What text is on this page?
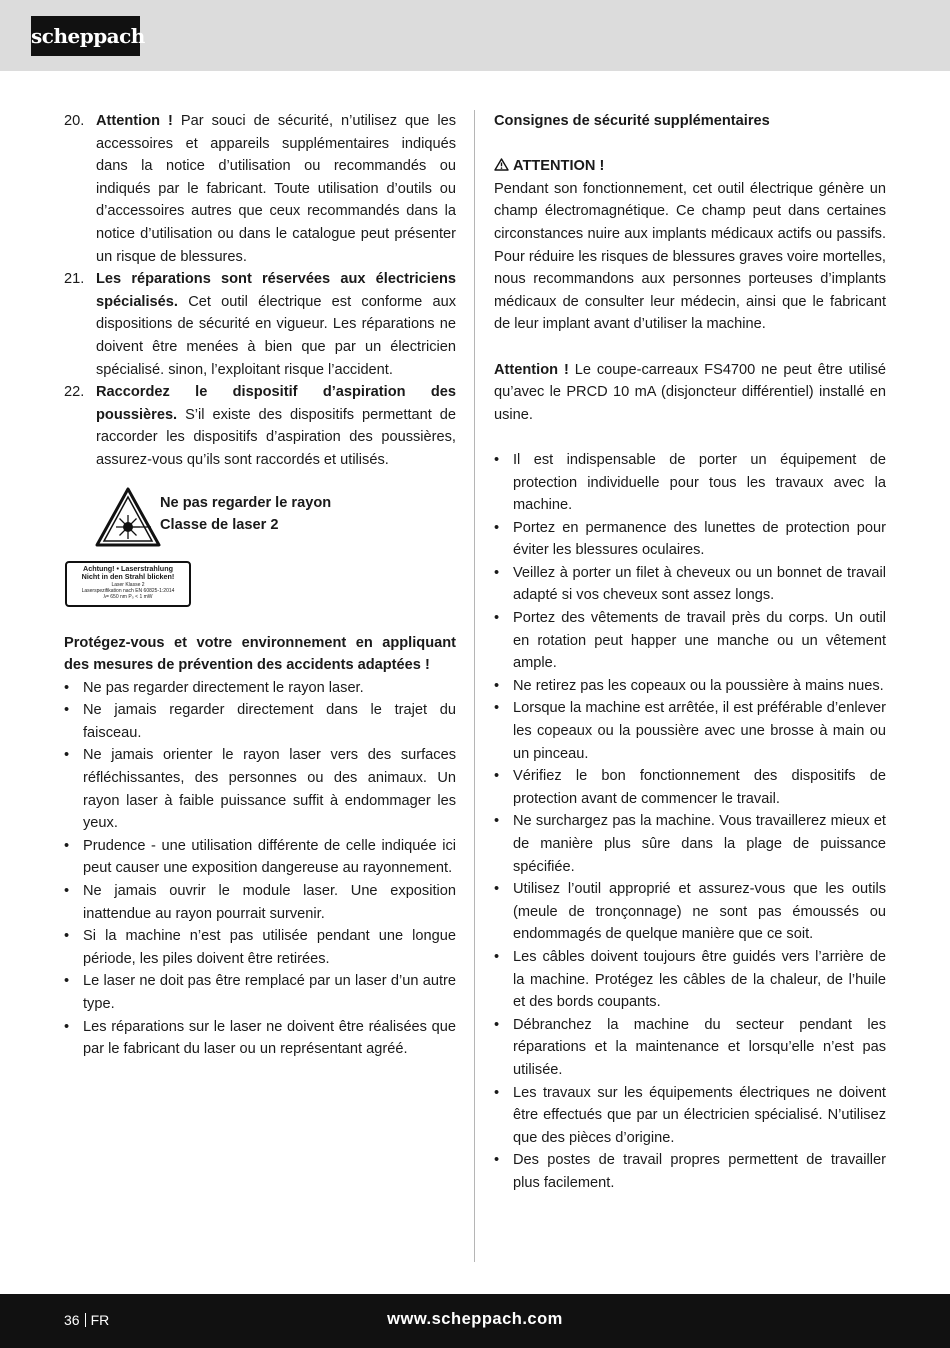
scheppach
20. Attention ! Par souci de sécurité, n’utilisez que les accessoires et appareils supplémentaires indiqués dans la notice d’utilisation ou recommandés ou indiqués par le fabricant. Toute utilisation d’outils ou d’accessoires autres que ceux recommandés dans la notice d’utilisation ou dans le catalogue peut présenter un risque de blessures.
21. Les réparations sont réservées aux électriciens spécialisés. Cet outil électrique est conforme aux dispositions de sécurité en vigueur. Les réparations ne doivent être menées à bien que par un électricien spécialisé. sinon, l’exploitant risque l’accident.
22. Raccordez le dispositif d’aspiration des poussières. S’il existe des dispositifs permettant de raccorder les dispositifs d’aspiration des poussières, assurez-vous qu’ils sont raccordés et utilisés.
Ne pas regarder le rayon
Classe de laser 2
Achtung! • Laserstrahlung
Nicht in den Strahl blicken!
Laser Klasse 2
Laserspezifikation nach EN 60825-1:2014
λ= 650 nm P₀ < 1 mW

Protégez-vous et votre environnement en appliquant des mesures de prévention des accidents adaptées !

• Ne pas regarder directement le rayon laser.
• Ne jamais regarder directement dans le trajet du faisceau.
• Ne jamais orienter le rayon laser vers des surfaces réfléchissantes, des personnes ou des animaux. Un rayon laser à faible puissance suffit à endommager les yeux.
• Prudence - une utilisation différente de celle indiquée ici peut causer une exposition dangereuse au rayonnement.
• Ne jamais ouvrir le module laser. Une exposition inattendue au rayon pourrait survenir.
• Si la machine n’est pas utilisée pendant une longue période, les piles doivent être retirées.
• Le laser ne doit pas être remplacé par un laser d’un autre type.
• Les réparations sur le laser ne doivent être réalisées que par le fabricant du laser ou un représentant agréé.

Consignes de sécurité supplémentaires

ATTENTION !

Pendant son fonctionnement, cet outil électrique génère un champ électromagnétique. Ce champ peut dans certaines circonstances nuire aux implants médicaux actifs ou passifs. Pour réduire les risques de blessures graves voire mortelles, nous recommandons aux personnes porteuses d’implants médicaux de consulter leur médecin, ainsi que le fabricant de leur implant avant d’utiliser la machine.

Attention ! Le coupe-carreaux FS4700 ne peut être utilisé qu’avec le PRCD 10 mA (disjoncteur différentiel) installé en usine.

• Il est indispensable de porter un équipement de protection individuelle pour tous les travaux avec la machine.
• Portez en permanence des lunettes de protection pour éviter les blessures oculaires.
• Veillez à porter un filet à cheveux ou un bonnet de travail adapté si vos cheveux sont assez longs.
• Portez des vêtements de travail près du corps. Un outil en rotation peut happer une manche ou un vêtement ample.
• Ne retirez pas les copeaux ou la poussière à mains nues.
• Lorsque la machine est arrêtée, il est préférable d’enlever les copeaux ou la poussière avec une brosse à main ou un pinceau.
• Vérifiez le bon fonctionnement des dispositifs de protection avant de commencer le travail.
• Ne surchargez pas la machine. Vous travaillerez mieux et de manière plus sûre dans la plage de puissance spécifiée.
• Utilisez l’outil approprié et assurez-vous que les outils (meule de tronçonnage) ne sont pas émoussés ou endommagés de quelque manière que ce soit.
• Les câbles doivent toujours être guidés vers l’arrière de la machine. Protégez les câbles de la chaleur, de l’huile et des bords coupants.
• Débranchez la machine du secteur pendant les réparations et la maintenance et lorsqu’elle n’est pas utilisée.
• Les travaux sur les équipements électriques ne doivent être effectués que par un électricien spécialisé. N’utilisez que des pièces d’origine.
• Des postes de travail propres permettent de travailler plus facilement.
36 FR	www.scheppach.com
